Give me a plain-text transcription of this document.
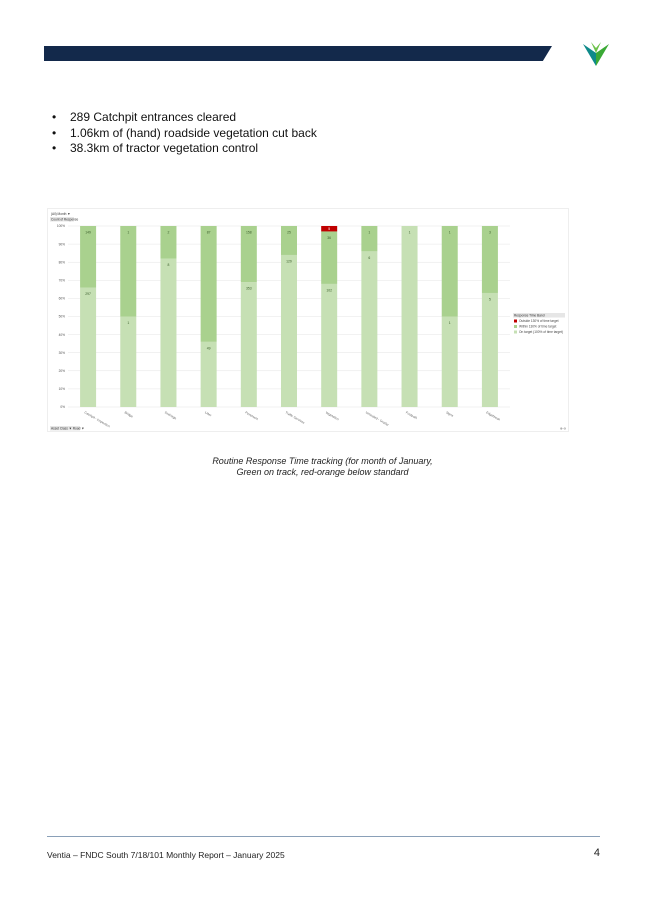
• 289 Catchpit entrances cleared
• 1.06km of (hand) roadside vegetation cut back
• 38.3km of tractor vegetation control
(All) Month ▼
Count of Response
100%
90%
80%
70%
60%
50%
40%
30%
20%
10%
0%
297
149
Catchpit - Inspection
1
1
Bridge
8
2
Drainage
49
87
Litter
353
158
Pavement
129
25
Traffic Services
102
36
5
Vegetation
6
1
Unsealed - Grader
1
Footpath
1
1
Signs
5
3
Edgebreak
Response Time Band
Outside 130% of time target
Within 130% of time target
On target (100% of time target)
Asset Class ▼ Road ▼	⊕ ⊖
Routine Response Time tracking (for month of January,
Green on track, red-orange below standard
Ventia – FNDC South 7/18/101 Monthly Report – January 2025	4
